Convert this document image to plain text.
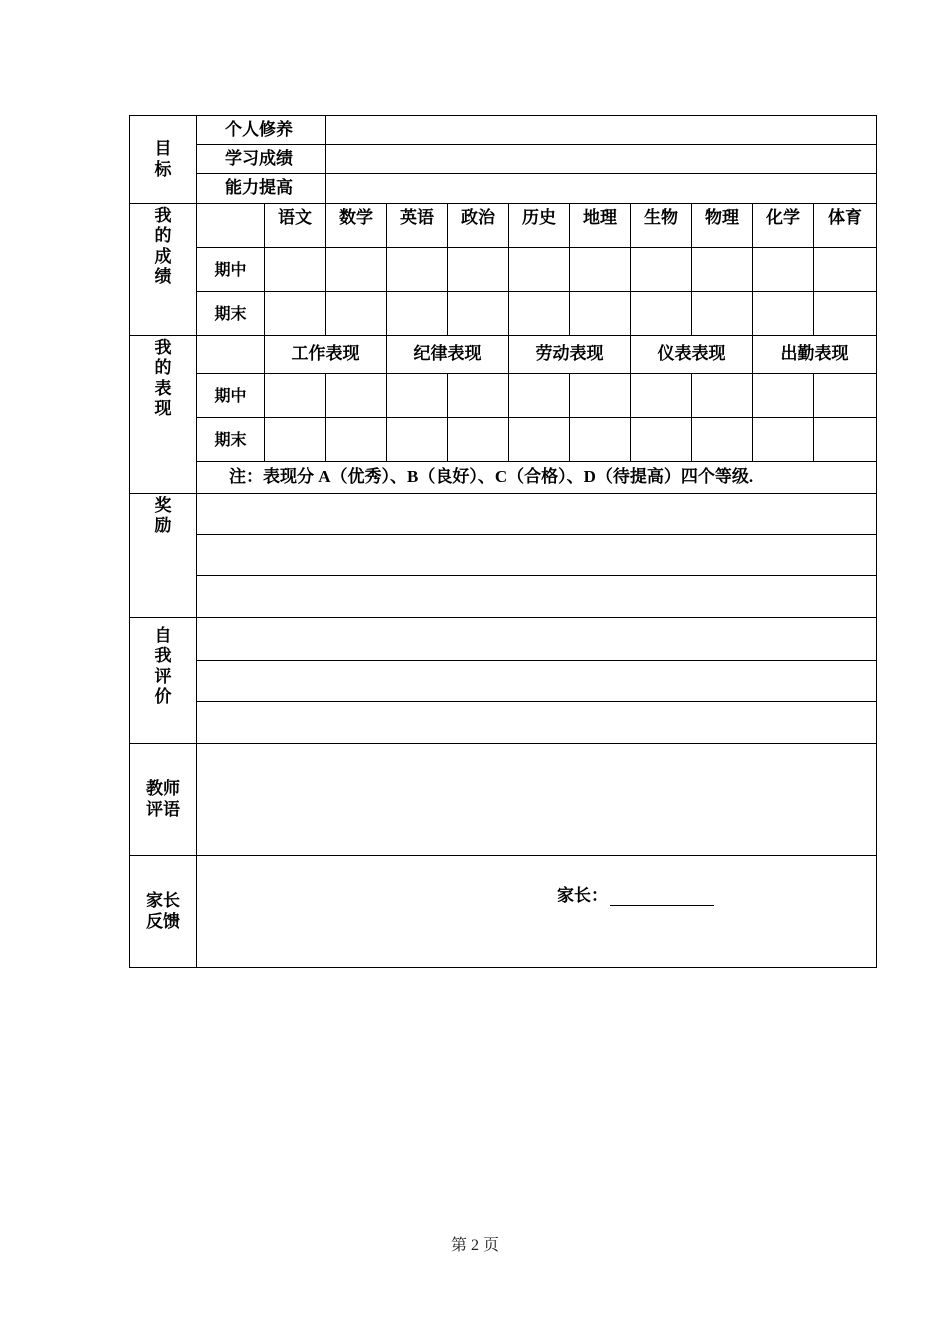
目标	个人修养										
	学习成绩										
	能力提高										
我的成绩		语文	数学	英语	政治	历史	地理	生物	物理	化学	体育
	期中										
	期末										
我的表现		工作表现		纪律表现		劳动表现		仪表表现		出勤表现	
	期中										
	期末										
	注：表现分 A（优秀）、B（良好）、C（合格）、D（待提高）四个等级.										
奖励											

自我评价											

教师
评语											

家长
反馈	家长：										
第 2 页
